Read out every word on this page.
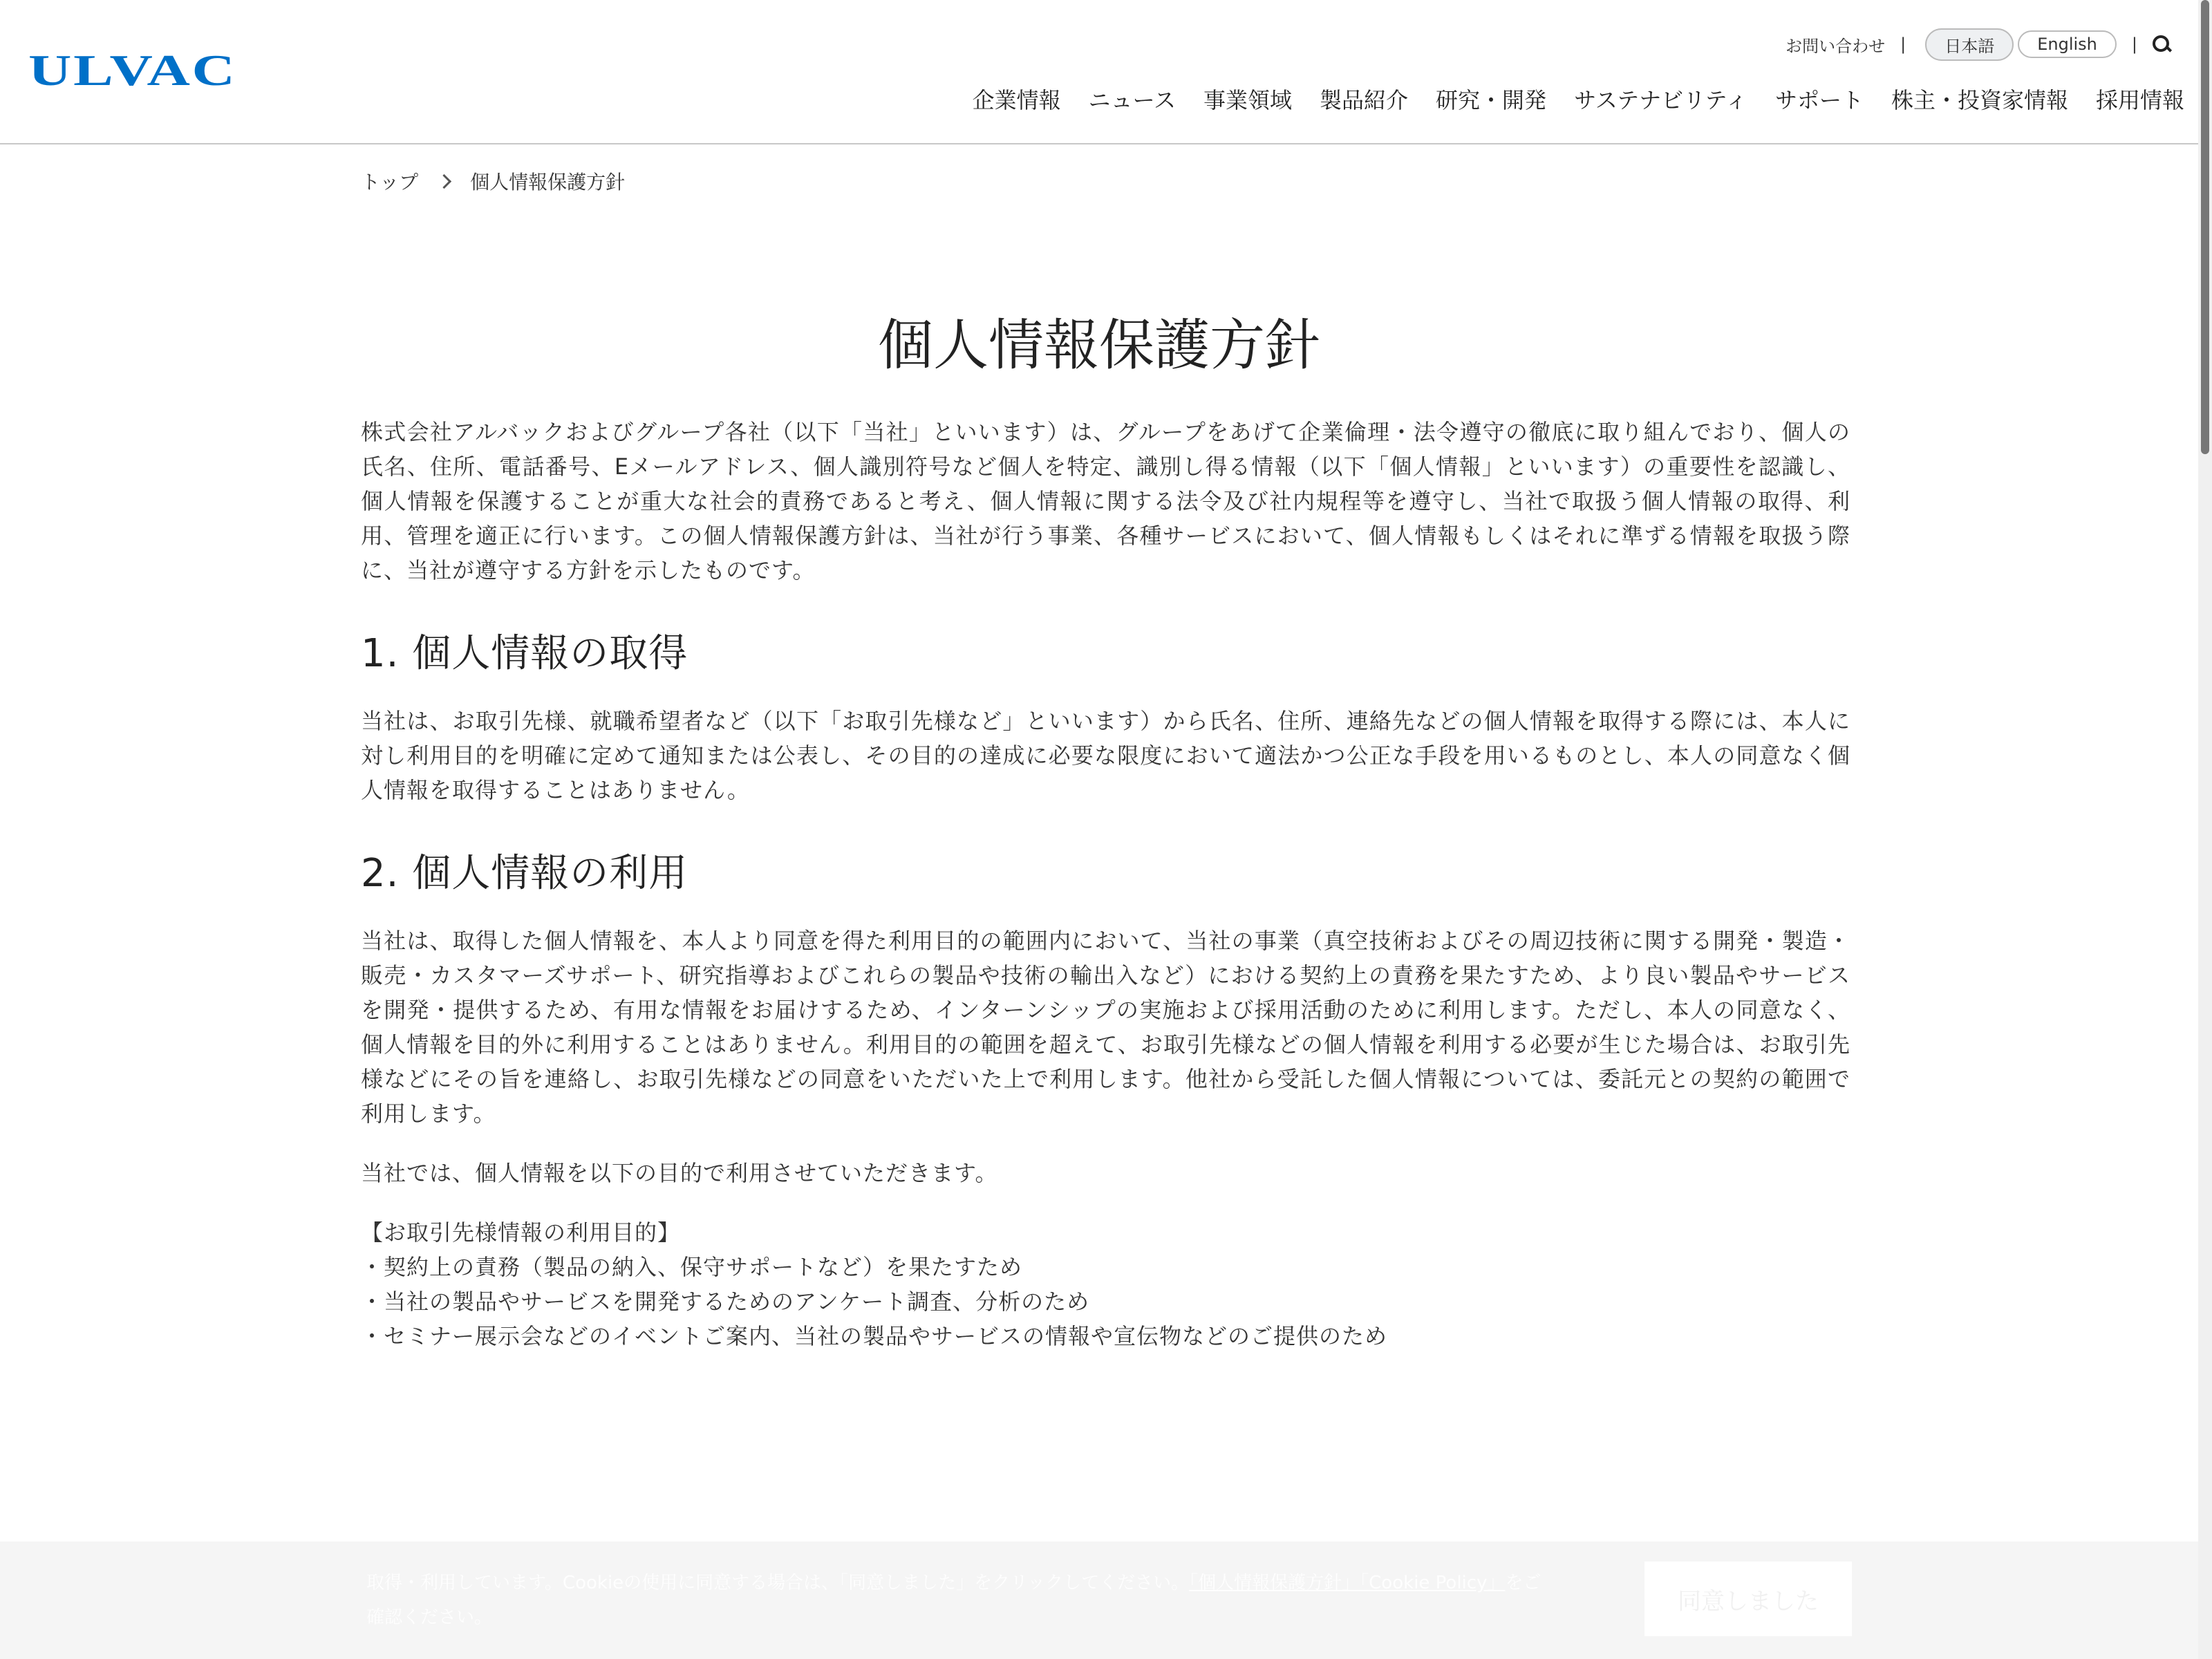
ULVAC	お問い合わせ |	日本語	English	|
企業情報 ニュース 事業領域 製品紹介 研究・開発 サステナビリティ サポート 株主・投資家情報 採用情報
トップ	個人情報保護方針
個人情報保護方針

株式会社アルバックおよびグループ各社（以下「当社」といいます）は、グループをあげて企業倫理・法令遵守の徹底に取り組んでおり、個人の氏名、住所、電話番号、Eメールアドレス、個人識別符号など個人を特定、識別し得る情報（以下「個人情報」といいます）の重要性を認識し、個人情報を保護することが重大な社会的責務であると考え、個人情報に関する法令及び社内規程等を遵守し、当社で取扱う個人情報の取得、利用、管理を適正に行います。この個人情報保護方針は、当社が行う事業、各種サービスにおいて、個人情報もしくはそれに準ずる情報を取扱う際に、当社が遵守する方針を示したものです。

1. 個人情報の取得

当社は、お取引先様、就職希望者など（以下「お取引先様など」といいます）から氏名、住所、連絡先などの個人情報を取得する際には、本人に対し利用目的を明確に定めて通知または公表し、その目的の達成に必要な限度において適法かつ公正な手段を用いるものとし、本人の同意なく個人情報を取得することはありません。

2. 個人情報の利用

当社は、取得した個人情報を、本人より同意を得た利用目的の範囲内において、当社の事業（真空技術およびその周辺技術に関する開発・製造・販売・カスタマーズサポート、研究指導およびこれらの製品や技術の輸出入など）における契約上の責務を果たすため、より良い製品やサービスを開発・提供するため、有用な情報をお届けするため、インターンシップの実施および採用活動のために利用します。ただし、本人の同意なく、個人情報を目的外に利用することはありません。利用目的の範囲を超えて、お取引先様などの個人情報を利用する必要が生じた場合は、お取引先様などにその旨を連絡し、お取引先様などの同意をいただいた上で利用します。他社から受託した個人情報については、委託元との契約の範囲で利用します。

当社では、個人情報を以下の目的で利用させていただきます。

【お取引先様情報の利用目的】

・契約上の責務（製品の納入、保守サポートなど）を果たすため

・当社の製品やサービスを開発するためのアンケート調査、分析のため

・セミナー展示会などのイベントご案内、当社の製品やサービスの情報や宣伝物などのご提供のため

取得・利用しています。Cookieの使用に同意する場合は、「同意しました」をクリックしてください。「個人情報保護方針」「Cookie Policy」をご確認ください。
同意しました
